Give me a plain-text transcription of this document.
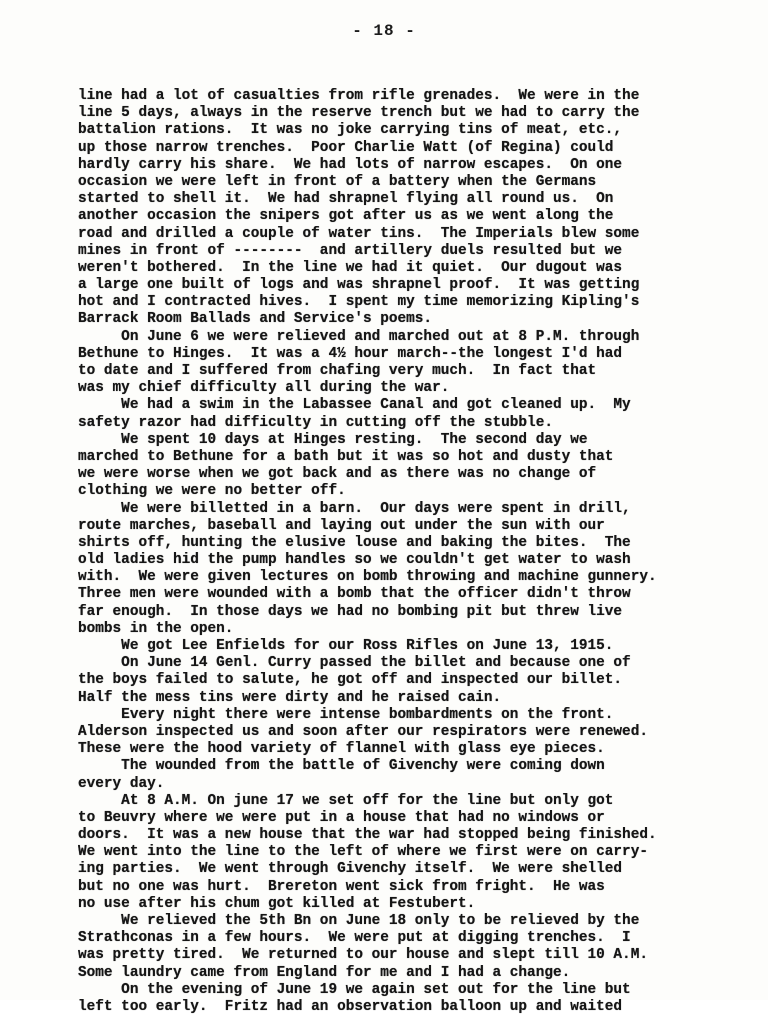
- 18 -
line had a lot of casualties from rifle grenades.  We were in the
line 5 days, always in the reserve trench but we had to carry the
battalion rations.  It was no joke carrying tins of meat, etc.,
up those narrow trenches.  Poor Charlie Watt (of Regina) could
hardly carry his share.  We had lots of narrow escapes.  On one
occasion we were left in front of a battery when the Germans
started to shell it.  We had shrapnel flying all round us.  On
another occasion the snipers got after us as we went along the
road and drilled a couple of water tins.  The Imperials blew some
mines in front of --------  and artillery duels resulted but we
weren't bothered.  In the line we had it quiet.  Our dugout was
a large one built of logs and was shrapnel proof.  It was getting
hot and I contracted hives.  I spent my time memorizing Kipling's
Barrack Room Ballads and Service's poems.
On June 6 we were relieved and marched out at 8 P.M. through
Bethune to Hinges.  It was a 4½ hour march--the longest I'd had
to date and I suffered from chafing very much.  In fact that
was my chief difficulty all during the war.
We had a swim in the Labassee Canal and got cleaned up.  My
safety razor had difficulty in cutting off the stubble.
We spent 10 days at Hinges resting.  The second day we
marched to Bethune for a bath but it was so hot and dusty that
we were worse when we got back and as there was no change of
clothing we were no better off.
We were billetted in a barn.  Our days were spent in drill,
route marches, baseball and laying out under the sun with our
shirts off, hunting the elusive louse and baking the bites.  The
old ladies hid the pump handles so we couldn't get water to wash
with.  We were given lectures on bomb throwing and machine gunnery.
Three men were wounded with a bomb that the officer didn't throw
far enough.  In those days we had no bombing pit but threw live
bombs in the open.
We got Lee Enfields for our Ross Rifles on June 13, 1915.
On June 14 Genl. Curry passed the billet and because one of
the boys failed to salute, he got off and inspected our billet.
Half the mess tins were dirty and he raised cain.
Every night there were intense bombardments on the front.
Alderson inspected us and soon after our respirators were renewed.
These were the hood variety of flannel with glass eye pieces.
The wounded from the battle of Givenchy were coming down
every day.
At 8 A.M. On june 17 we set off for the line but only got
to Beuvry where we were put in a house that had no windows or
doors.  It was a new house that the war had stopped being finished.
We went into the line to the left of where we first were on carry-
ing parties.  We went through Givenchy itself.  We were shelled
but no one was hurt.  Brereton went sick from fright.  He was
no use after his chum got killed at Festubert.
We relieved the 5th Bn on June 18 only to be relieved by the
Strathconas in a few hours.  We were put at digging trenches.  I
was pretty tired.  We returned to our house and slept till 10 A.M.
Some laundry came from England for me and I had a change.
On the evening of June 19 we again set out for the line but
left too early.  Fritz had an observation balloon up and waited
